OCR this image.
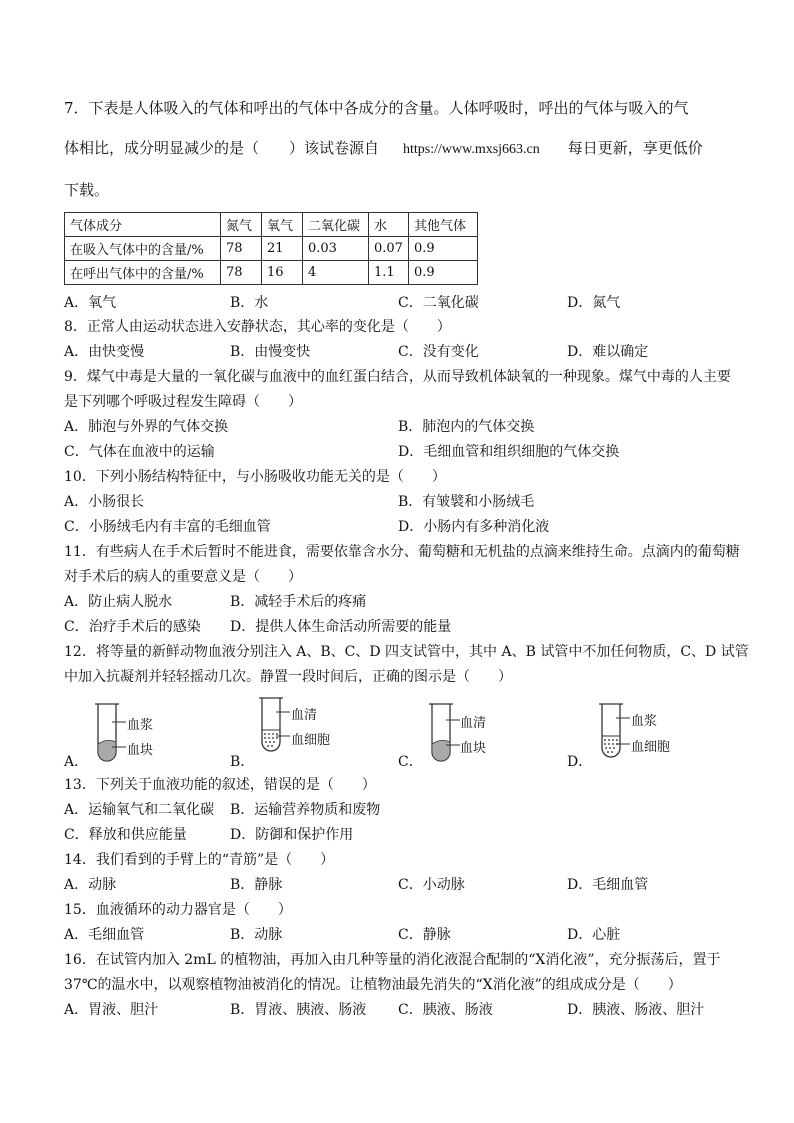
7．下表是人体吸入的气体和呼出的气体中各成分的含量。人体呼吸时，呼出的气体与吸入的气
体相比，成分明显减少的是（　　）该试卷源自 https://www.mxsj663.cn 每日更新，享更低价
下载。
气体成分	氮气	氧气	二氧化碳	水	其他气体
在吸入气体中的含量/%	78	21	0.03	0.07	0.9
在呼出气体中的含量/%	78	16	4	1.1	0.9
A．氧气	B．水	C．二氧化碳	D．氮气
8．正常人由运动状态进入安静状态，其心率的变化是（　　）
A．由快变慢	B．由慢变快	C．没有变化	D．难以确定
9．煤气中毒是大量的一氧化碳与血液中的血红蛋白结合，从而导致机体缺氧的一种现象。煤气中毒的人主要
是下列哪个呼吸过程发生障碍（　　）
A．肺泡与外界的气体交换	B．肺泡内的气体交换
C．气体在血液中的运输	D．毛细血管和组织细胞的气体交换
10．下列小肠结构特征中，与小肠吸收功能无关的是（　　）
A．小肠很长	B．有皱襞和小肠绒毛
C．小肠绒毛内有丰富的毛细血管	D．小肠内有多种消化液
11．有些病人在手术后暂时不能进食，需要依靠含水分、葡萄糖和无机盐的点滴来维持生命。点滴内的葡萄糖
对手术后的病人的重要意义是（　　）
A．防止病人脱水	B．减轻手术后的疼痛
C．治疗手术后的感染 D．提供人体生命活动所需要的能量
12．将等量的新鲜动物血液分别注入 A、B、C、D 四支试管中，其中 A、B 试管中不加任何物质，C、D 试管
中加入抗凝剂并轻轻摇动几次。静置一段时间后，正确的图示是（　　）
A．
血浆
血块
B．
血清
血细胞
C．
血清
血块
D．
血浆
血细胞
13．下列关于血液功能的叙述，错误的是（　　）
A．运输氧气和二氧化碳 B．运输营养物质和废物
C．释放和供应能量	D．防御和保护作用
14．我们看到的手臂上的“青筋”是（　　）
A．动脉	B．静脉	C．小动脉	D．毛细血管
15．血液循环的动力器官是（　　）
A．毛细血管	B．动脉	C．静脉	D．心脏
16．在试管内加入 2mL 的植物油，再加入由几种等量的消化液混合配制的“X消化液”，充分振荡后，置于
37℃的温水中，以观察植物油被消化的情况。让植物油最先消失的“X消化液”的组成成分是（　　）
A．胃液、胆汁	B．胃液、胰液、肠液 C．胰液、肠液	D．胰液、肠液、胆汁
